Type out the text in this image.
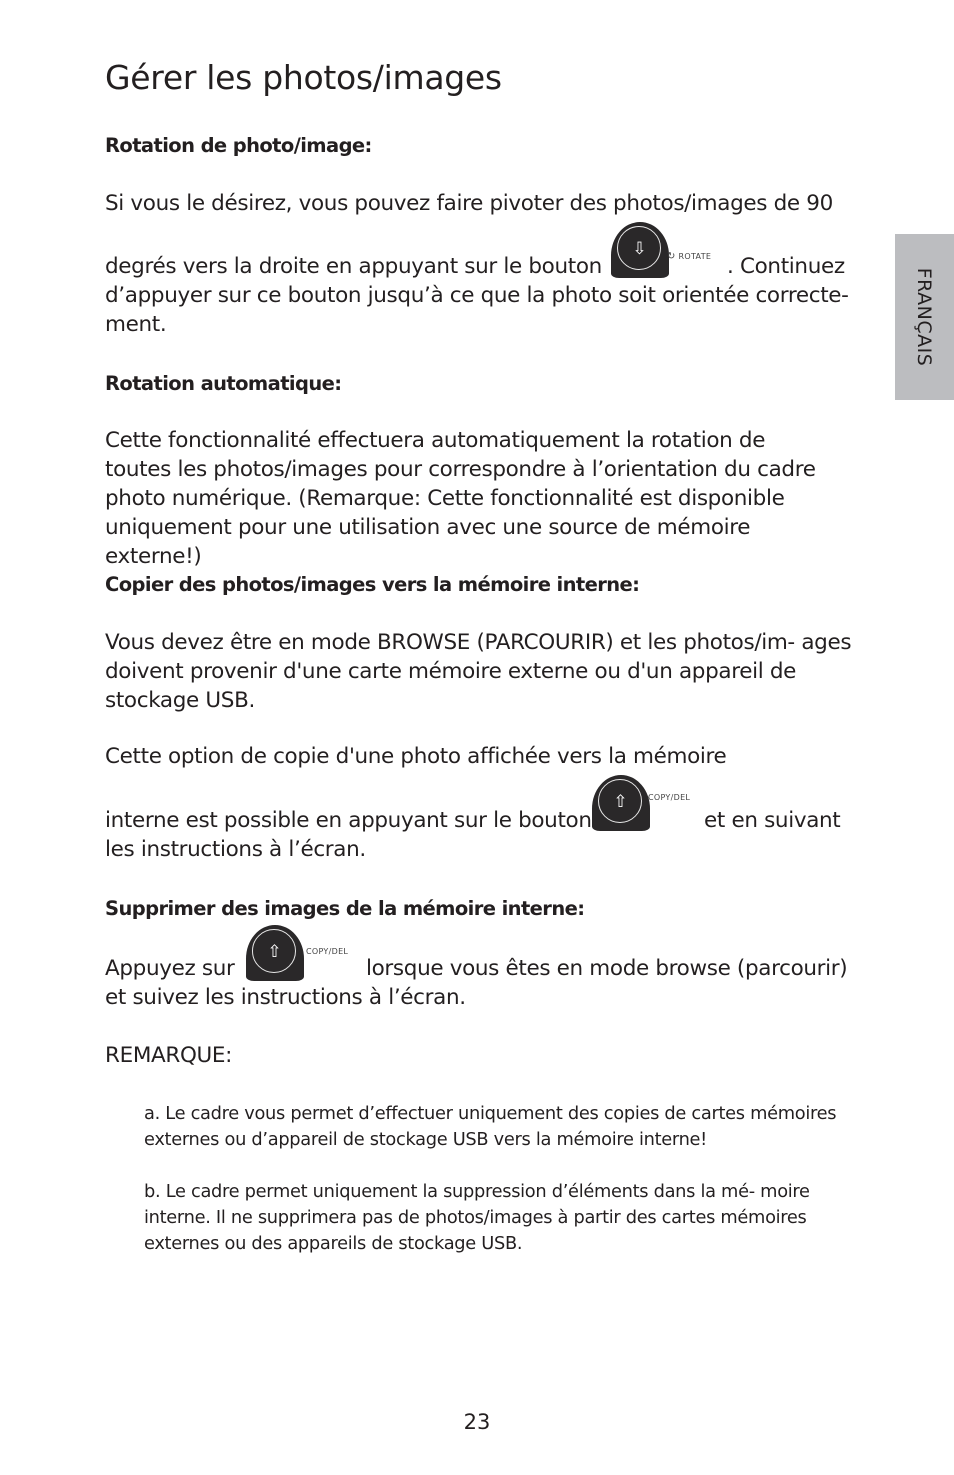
Gérer les photos/images
FRANÇAIS

Rotation de photo/image:

Si vous le désirez, vous pouvez faire pivoter des photos/images de 90

degrés vers la droite en appuyant sur le bouton

⇩	↻ ROTATE . Continuez

d’appuyer sur ce bouton jusqu’à ce que la photo soit orientée correcte-

ment.

Rotation automatique:

Cette fonctionnalité effectuera automatiquement la rotation de toutes les photos/images pour correspondre à l’orientation du cadre photo numérique. (Remarque: Cette fonctionnalité est disponible uniquement pour une utilisation avec une source de mémoire externe!)

Copier des photos/images vers la mémoire interne:

Vous devez être en mode BROWSE (PARCOURIR) et les photos/im- ages doivent provenir d'une carte mémoire externe ou d'un appareil de stockage USB.

Cette option de copie d'une photo affichée vers la mémoire

interne est possible en appuyant sur le bouton

⇧	COPY/DEL

et en suivant

les instructions à l’écran.

Supprimer des images de la mémoire interne:

Appuyez sur

⇧	COPY/DEL

lorsque vous êtes en mode browse (parcourir)

et suivez les instructions à l’écran.

REMARQUE:

a. Le cadre vous permet d’effectuer uniquement des copies de cartes mémoires externes ou d’appareil de stockage USB vers la mémoire interne!

b. Le cadre permet uniquement la suppression d’éléments dans la mé- moire interne. Il ne supprimera pas de photos/images à partir des cartes mémoires externes ou des appareils de stockage USB.

23
